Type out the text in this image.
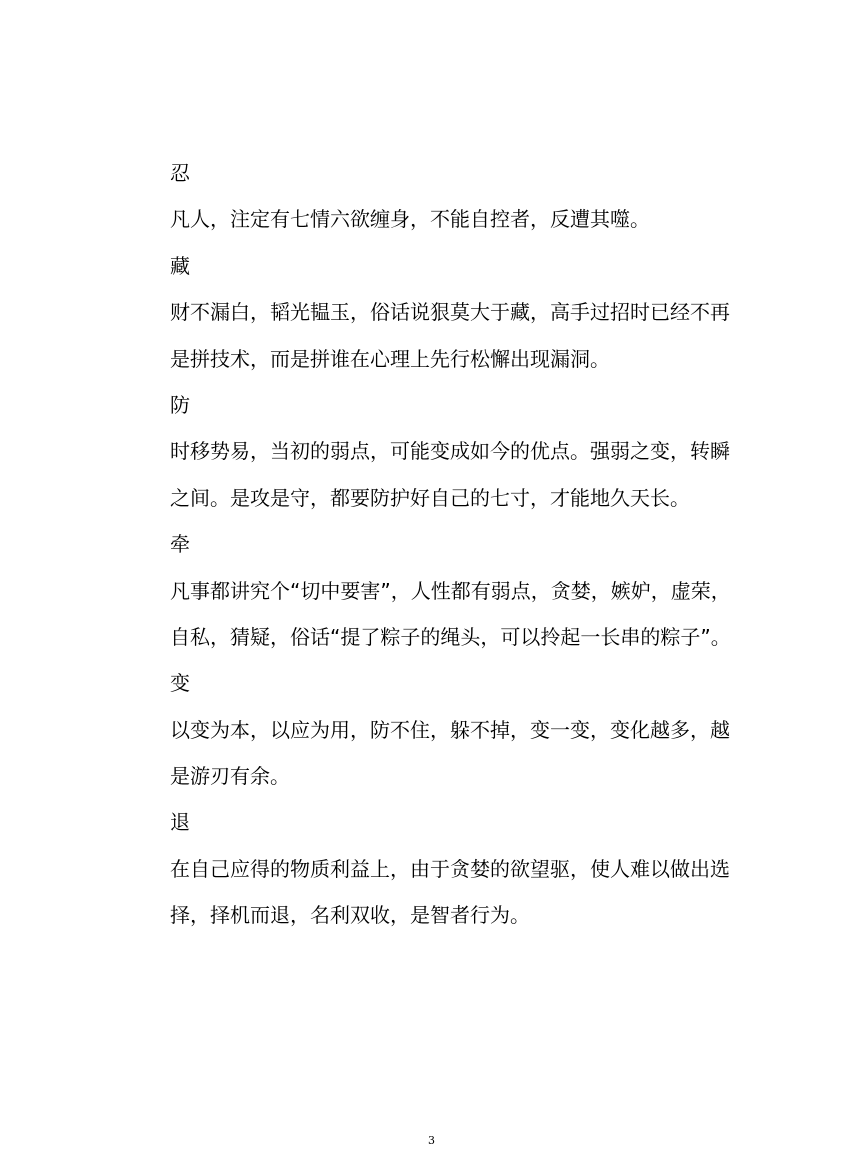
忍
凡人，注定有七情六欲缠身，不能自控者，反遭其噬。
藏
财不漏白，韬光韫玉，俗话说狠莫大于藏，高手过招时已经不再
是拼技术，而是拼谁在心理上先行松懈出现漏洞。
防
时移势易，当初的弱点，可能变成如今的优点。强弱之变，转瞬
之间。是攻是守，都要防护好自己的七寸，才能地久天长。
牵
凡事都讲究个“切中要害”，人性都有弱点，贪婪，嫉妒，虚荣，
自私，猜疑，俗话“提了粽子的绳头，可以拎起一长串的粽子”。
变
以变为本，以应为用，防不住，躲不掉，变一变，变化越多，越
是游刃有余。
退
在自己应得的物质利益上，由于贪婪的欲望驱，使人难以做出选
择，择机而退，名利双收，是智者行为。
3
